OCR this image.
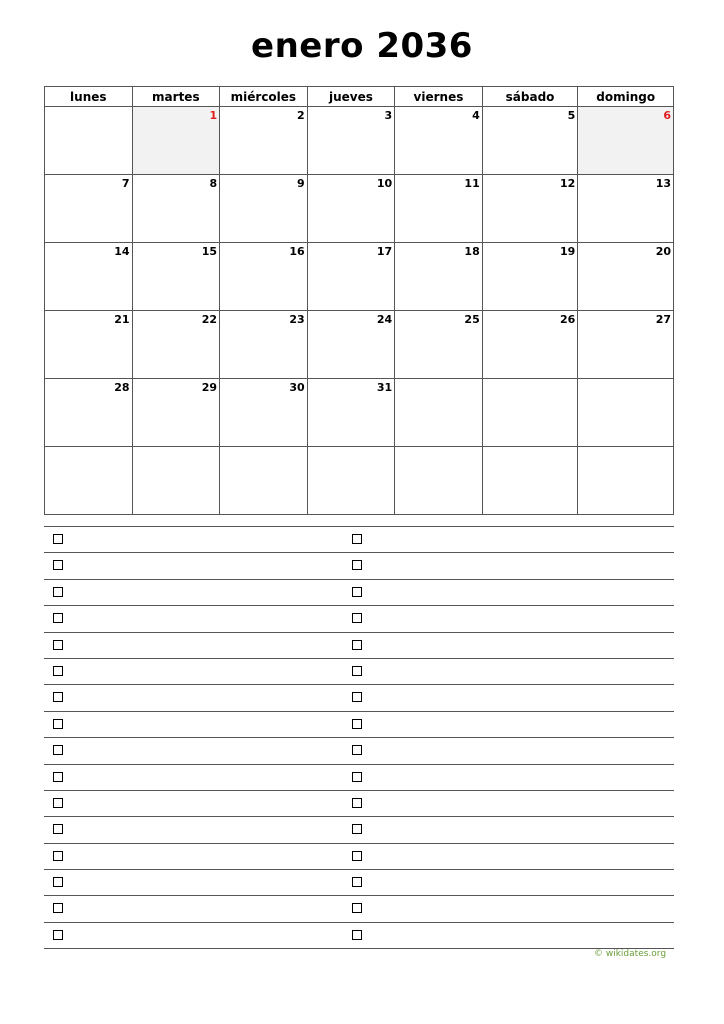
enero 2036
lunes	martes	miércoles	jueves	viernes	sábado	domingo
	1	2	3	4	5	6
7	8	9	10	11	12	13
14	15	16	17	18	19	20
21	22	23	24	25	26	27
28	29	30	31			

© wikidates.org
